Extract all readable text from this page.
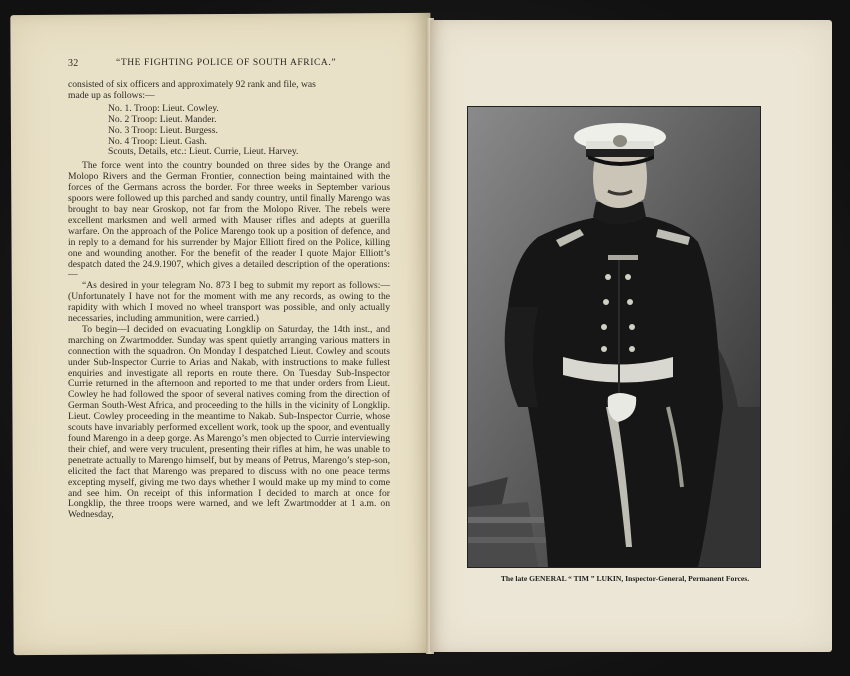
32	“THE FIGHTING POLICE OF SOUTH AFRICA.”

consisted of six officers and approximately 92 rank and file, was

made up as follows:—

No. 1. Troop: Lieut. Cowley.
No. 2 Troop: Lieut. Mander.
No. 3 Troop: Lieut. Burgess.
No. 4 Troop: Lieut. Gash.
Scouts, Details, etc.: Lieut. Currie, Lieut. Harvey.

The force went into the country bounded on three sides by the Orange and Molopo Rivers and the German Frontier, connection being maintained with the forces of the Germans across the border. For three weeks in September various spoors were followed up this parched and sandy country, until finally Marengo was brought to bay near Groskop, not far from the Molopo River. The rebels were excellent marksmen and well armed with Mauser rifles and adepts at guerilla warfare. On the approach of the Police Marengo took up a position of defence, and in reply to a demand for his surrender by Major Elliott fired on the Police, killing one and wounding another. For the benefit of the reader I quote Major Elliott’s despatch dated the 24.9.1907, which gives a detailed description of the operations:—

“As desired in your telegram No. 873 I beg to submit my report as follows:—(Unfortunately I have not for the moment with me any records, as owing to the rapidity with which I moved no wheel transport was possible, and only actually necessaries, including ammunition, were carried.)

To begin—I decided on evacuating Longklip on Saturday, the 14th inst., and marching on Zwartmodder. Sunday was spent quietly arranging various matters in connection with the squadron. On Monday I despatched Lieut. Cowley and scouts under Sub-Inspector Currie to Arias and Nakab, with instructions to make fullest enquiries and investigate all reports en route there. On Tuesday Sub-Inspector Currie returned in the afternoon and reported to me that under orders from Lieut. Cowley he had followed the spoor of several natives coming from the direction of German South-West Africa, and proceeding to the hills in the vicinity of Longklip. Lieut. Cowley proceeding in the meantime to Nakab. Sub-Inspector Currie, whose scouts have invariably performed excellent work, took up the spoor, and eventually found Marengo in a deep gorge. As Marengo’s men objected to Currie interviewing their chief, and were very truculent, presenting their rifles at him, he was unable to penetrate actually to Marengo himself, but by means of Petrus, Marengo’s step-son, elicited the fact that Marengo was prepared to discuss with no one peace terms excepting myself, giving me two days whether I would make up my mind to come and see him. On receipt of this information I decided to march at once for Longklip, the three troops were warned, and we left Zwartmodder at 1 a.m. on Wednesday,

The late GENERAL “ TIM ” LUKIN, Inspector-General, Permanent Forces.
